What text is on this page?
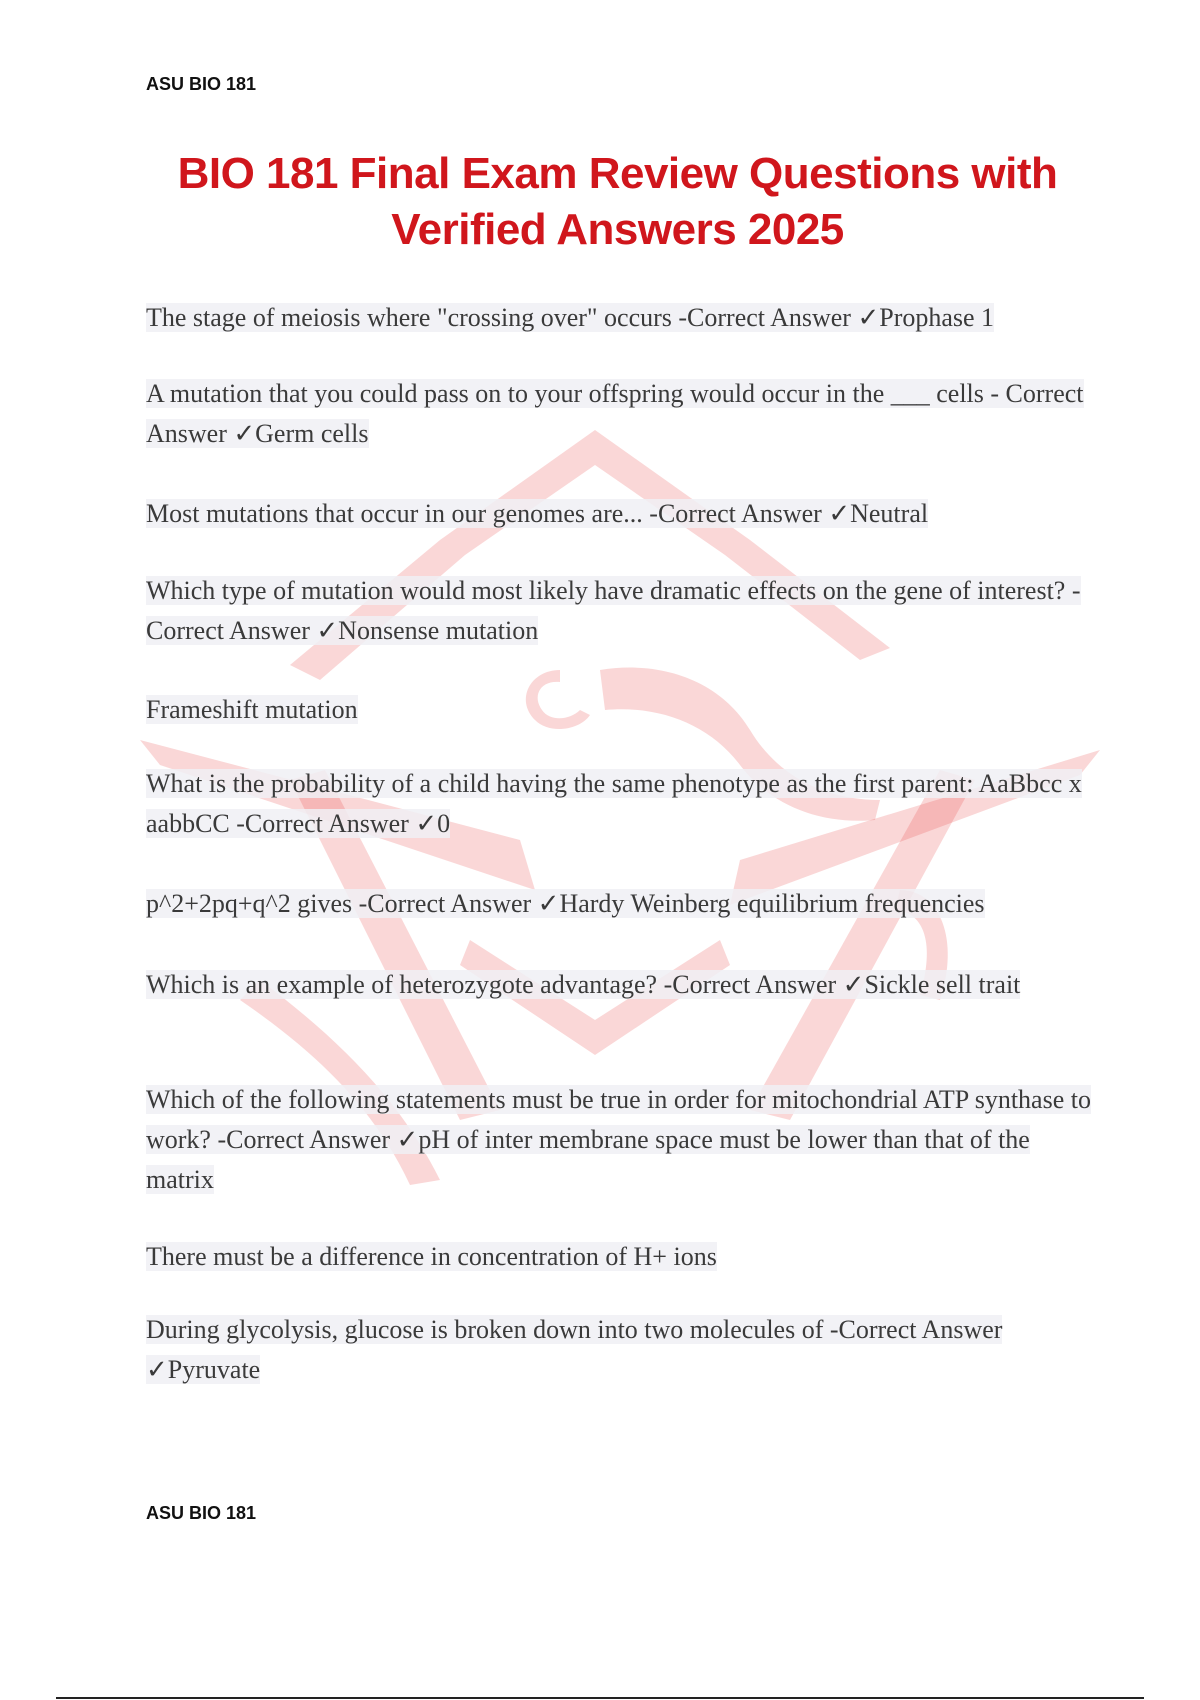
ASU BIO 181
BIO 181 Final Exam Review Questions with
Verified Answers 2025
The stage of meiosis where "crossing over" occurs -Correct Answer ✓Prophase 1
A mutation that you could pass on to your offspring would occur in the ___ cells - Correct Answer ✓Germ cells
Most mutations that occur in our genomes are... -Correct Answer ✓Neutral
Which type of mutation would most likely have dramatic effects on the gene of interest? -Correct Answer ✓Nonsense mutation
Frameshift mutation
What is the probability of a child having the same phenotype as the first parent: AaBbcc x aabbCC -Correct Answer ✓0
p^2+2pq+q^2 gives -Correct Answer ✓Hardy Weinberg equilibrium frequencies
Which is an example of heterozygote advantage? -Correct Answer ✓Sickle sell trait
Which of the following statements must be true in order for mitochondrial ATP synthase to work? -Correct Answer ✓pH of inter membrane space must be lower than that of the matrix
There must be a difference in concentration of H+ ions
During glycolysis, glucose is broken down into two molecules of -Correct Answer ✓Pyruvate
ASU BIO 181
